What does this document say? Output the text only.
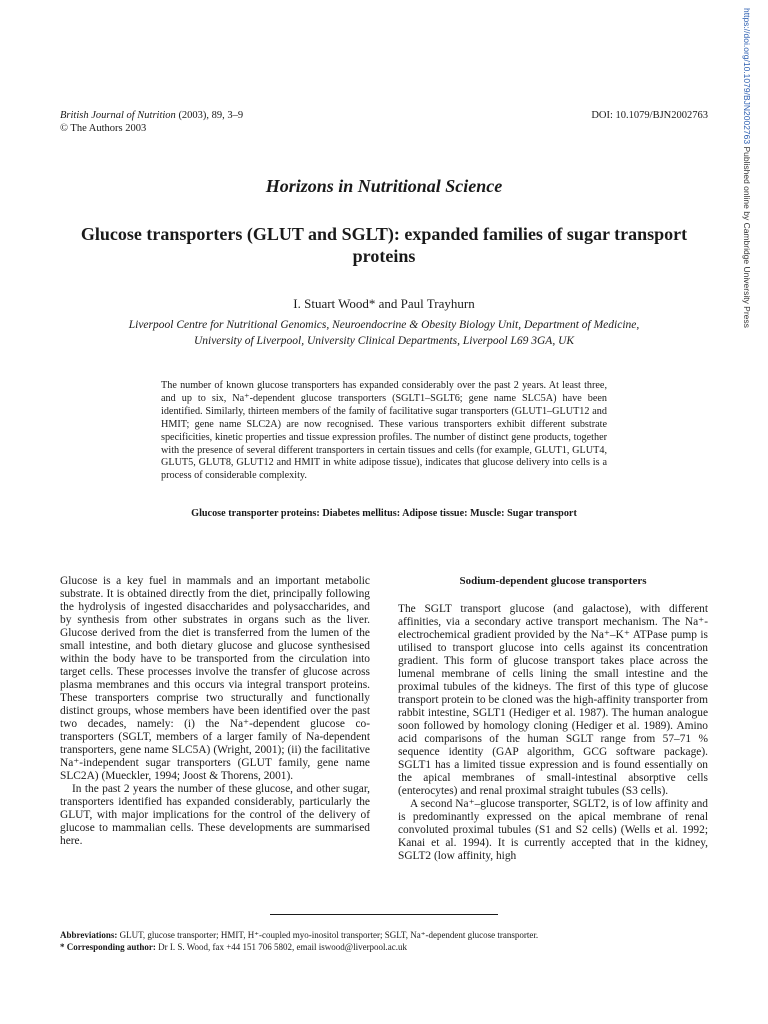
https://doi.org/10.1079/BJN2002763 Published online by Cambridge University Press
British Journal of Nutrition (2003), 89, 3–9
© The Authors 2003
DOI: 10.1079/BJN2002763
Horizons in Nutritional Science
Glucose transporters (GLUT and SGLT): expanded families of sugar transport proteins
I. Stuart Wood* and Paul Trayhurn
Liverpool Centre for Nutritional Genomics, Neuroendocrine & Obesity Biology Unit, Department of Medicine,
University of Liverpool, University Clinical Departments, Liverpool L69 3GA, UK
The number of known glucose transporters has expanded considerably over the past 2 years. At least three, and up to six, Na⁺-dependent glucose transporters (SGLT1–SGLT6; gene name SLC5A) have been identified. Similarly, thirteen members of the family of facilitative sugar transporters (GLUT1–GLUT12 and HMIT; gene name SLC2A) are now recognised. These various transporters exhibit different substrate specificities, kinetic properties and tissue expression profiles. The number of distinct gene products, together with the presence of several different transporters in certain tissues and cells (for example, GLUT1, GLUT4, GLUT5, GLUT8, GLUT12 and HMIT in white adipose tissue), indicates that glucose delivery into cells is a process of considerable complexity.
Glucose transporter proteins: Diabetes mellitus: Adipose tissue: Muscle: Sugar transport

Glucose is a key fuel in mammals and an important metabolic substrate. It is obtained directly from the diet, principally following the hydrolysis of ingested disaccharides and polysaccharides, and by synthesis from other substrates in organs such as the liver. Glucose derived from the diet is transferred from the lumen of the small intestine, and both dietary glucose and glucose synthesised within the body have to be transported from the circulation into target cells. These processes involve the transfer of glucose across plasma membranes and this occurs via integral transport proteins. These transporters comprise two structurally and functionally distinct groups, whose members have been identified over the past two decades, namely: (i) the Na⁺-dependent glucose co-transporters (SGLT, members of a larger family of Na-dependent transporters, gene name SLC5A) (Wright, 2001); (ii) the facilitative Na⁺-independent sugar transporters (GLUT family, gene name SLC2A) (Mueckler, 1994; Joost & Thorens, 2001).

In the past 2 years the number of these glucose, and other sugar, transporters identified has expanded considerably, particularly the GLUT, with major implications for the control of the delivery of glucose to mammalian cells. These developments are summarised here.

Sodium-dependent glucose transporters

The SGLT transport glucose (and galactose), with different affinities, via a secondary active transport mechanism. The Na⁺-electrochemical gradient provided by the Na⁺–K⁺ ATPase pump is utilised to transport glucose into cells against its concentration gradient. This form of glucose transport takes place across the lumenal membrane of cells lining the small intestine and the proximal tubules of the kidneys. The first of this type of glucose transport protein to be cloned was the high-affinity transporter from rabbit intestine, SGLT1 (Hediger et al. 1987). The human analogue soon followed by homology cloning (Hediger et al. 1989). Amino acid comparisons of the human SGLT range from 57–71 % sequence identity (GAP algorithm, GCG software package). SGLT1 has a limited tissue expression and is found essentially on the apical membranes of small-intestinal absorptive cells (enterocytes) and renal proximal straight tubules (S3 cells).

A second Na⁺–glucose transporter, SGLT2, is of low affinity and is predominantly expressed on the apical membrane of renal convoluted proximal tubules (S1 and S2 cells) (Wells et al. 1992; Kanai et al. 1994). It is currently accepted that in the kidney, SGLT2 (low affinity, high

Abbreviations: GLUT, glucose transporter; HMIT, H⁺-coupled myo-inositol transporter; SGLT, Na⁺-dependent glucose transporter.
* Corresponding author: Dr I. S. Wood, fax +44 151 706 5802, email iswood@liverpool.ac.uk
